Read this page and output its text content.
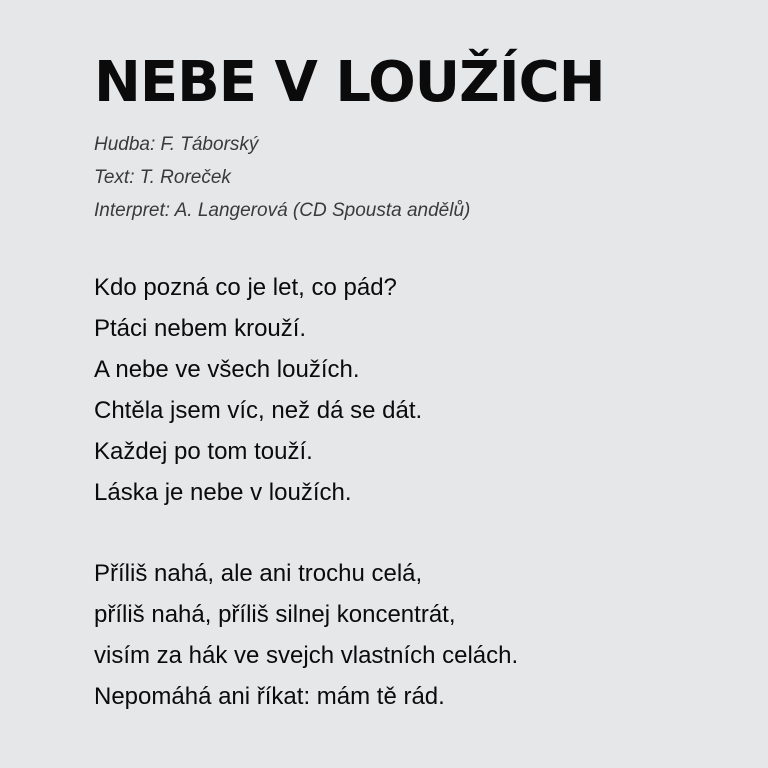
NEBE V LOUŽÍCH
Hudba: F. Táborský
Text: T. Roreček
Interpret: A. Langerová (CD Spousta andělů)
Kdo pozná co je let, co pád?
Ptáci nebem krouží.
A nebe ve všech loužích.
Chtěla jsem víc, než dá se dát.
Každej po tom touží.
Láska je nebe v loužích.
Příliš nahá, ale ani trochu celá,
příliš nahá, příliš silnej koncentrát,
visím za hák ve svejch vlastních celách.
Nepomáhá ani říkat: mám tě rád.
